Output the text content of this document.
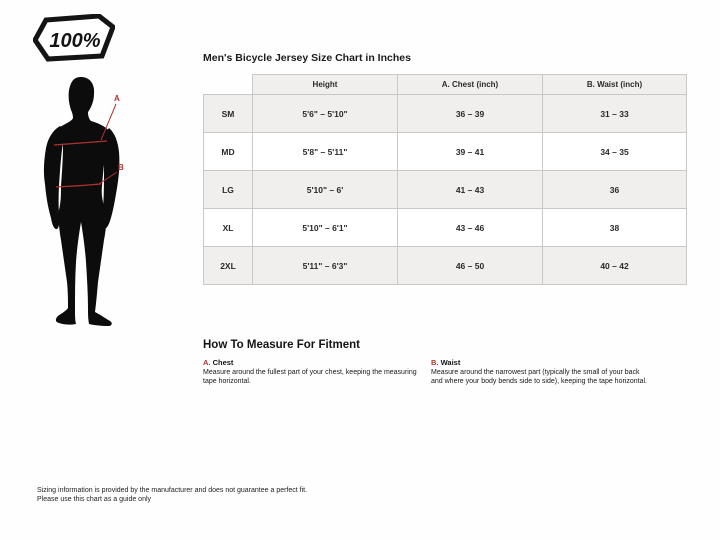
100%
A
B
Men's Bicycle Jersey Size Chart in Inches
	Height	A. Chest (inch)	B. Waist (inch)
SM	5'6" – 5'10"	36 – 39	31 – 33
MD	5'8" – 5'11"	39 – 41	34 – 35
LG	5'10" – 6'	41 – 43	36
XL	5'10" – 6'1"	43 – 46	38
2XL	5'11" – 6'3"	46 – 50	40 – 42
How To Measure For Fitment
A. Chest
Measure around the fullest part of your chest, keeping the measuring tape horizontal.
B. Waist
Measure around the narrowest part (typically the small of your back and where your body bends side to side), keeping the tape horizontal.
Sizing information is provided by the manufacturer and does not guarantee a perfect fit.
Please use this chart as a guide only
